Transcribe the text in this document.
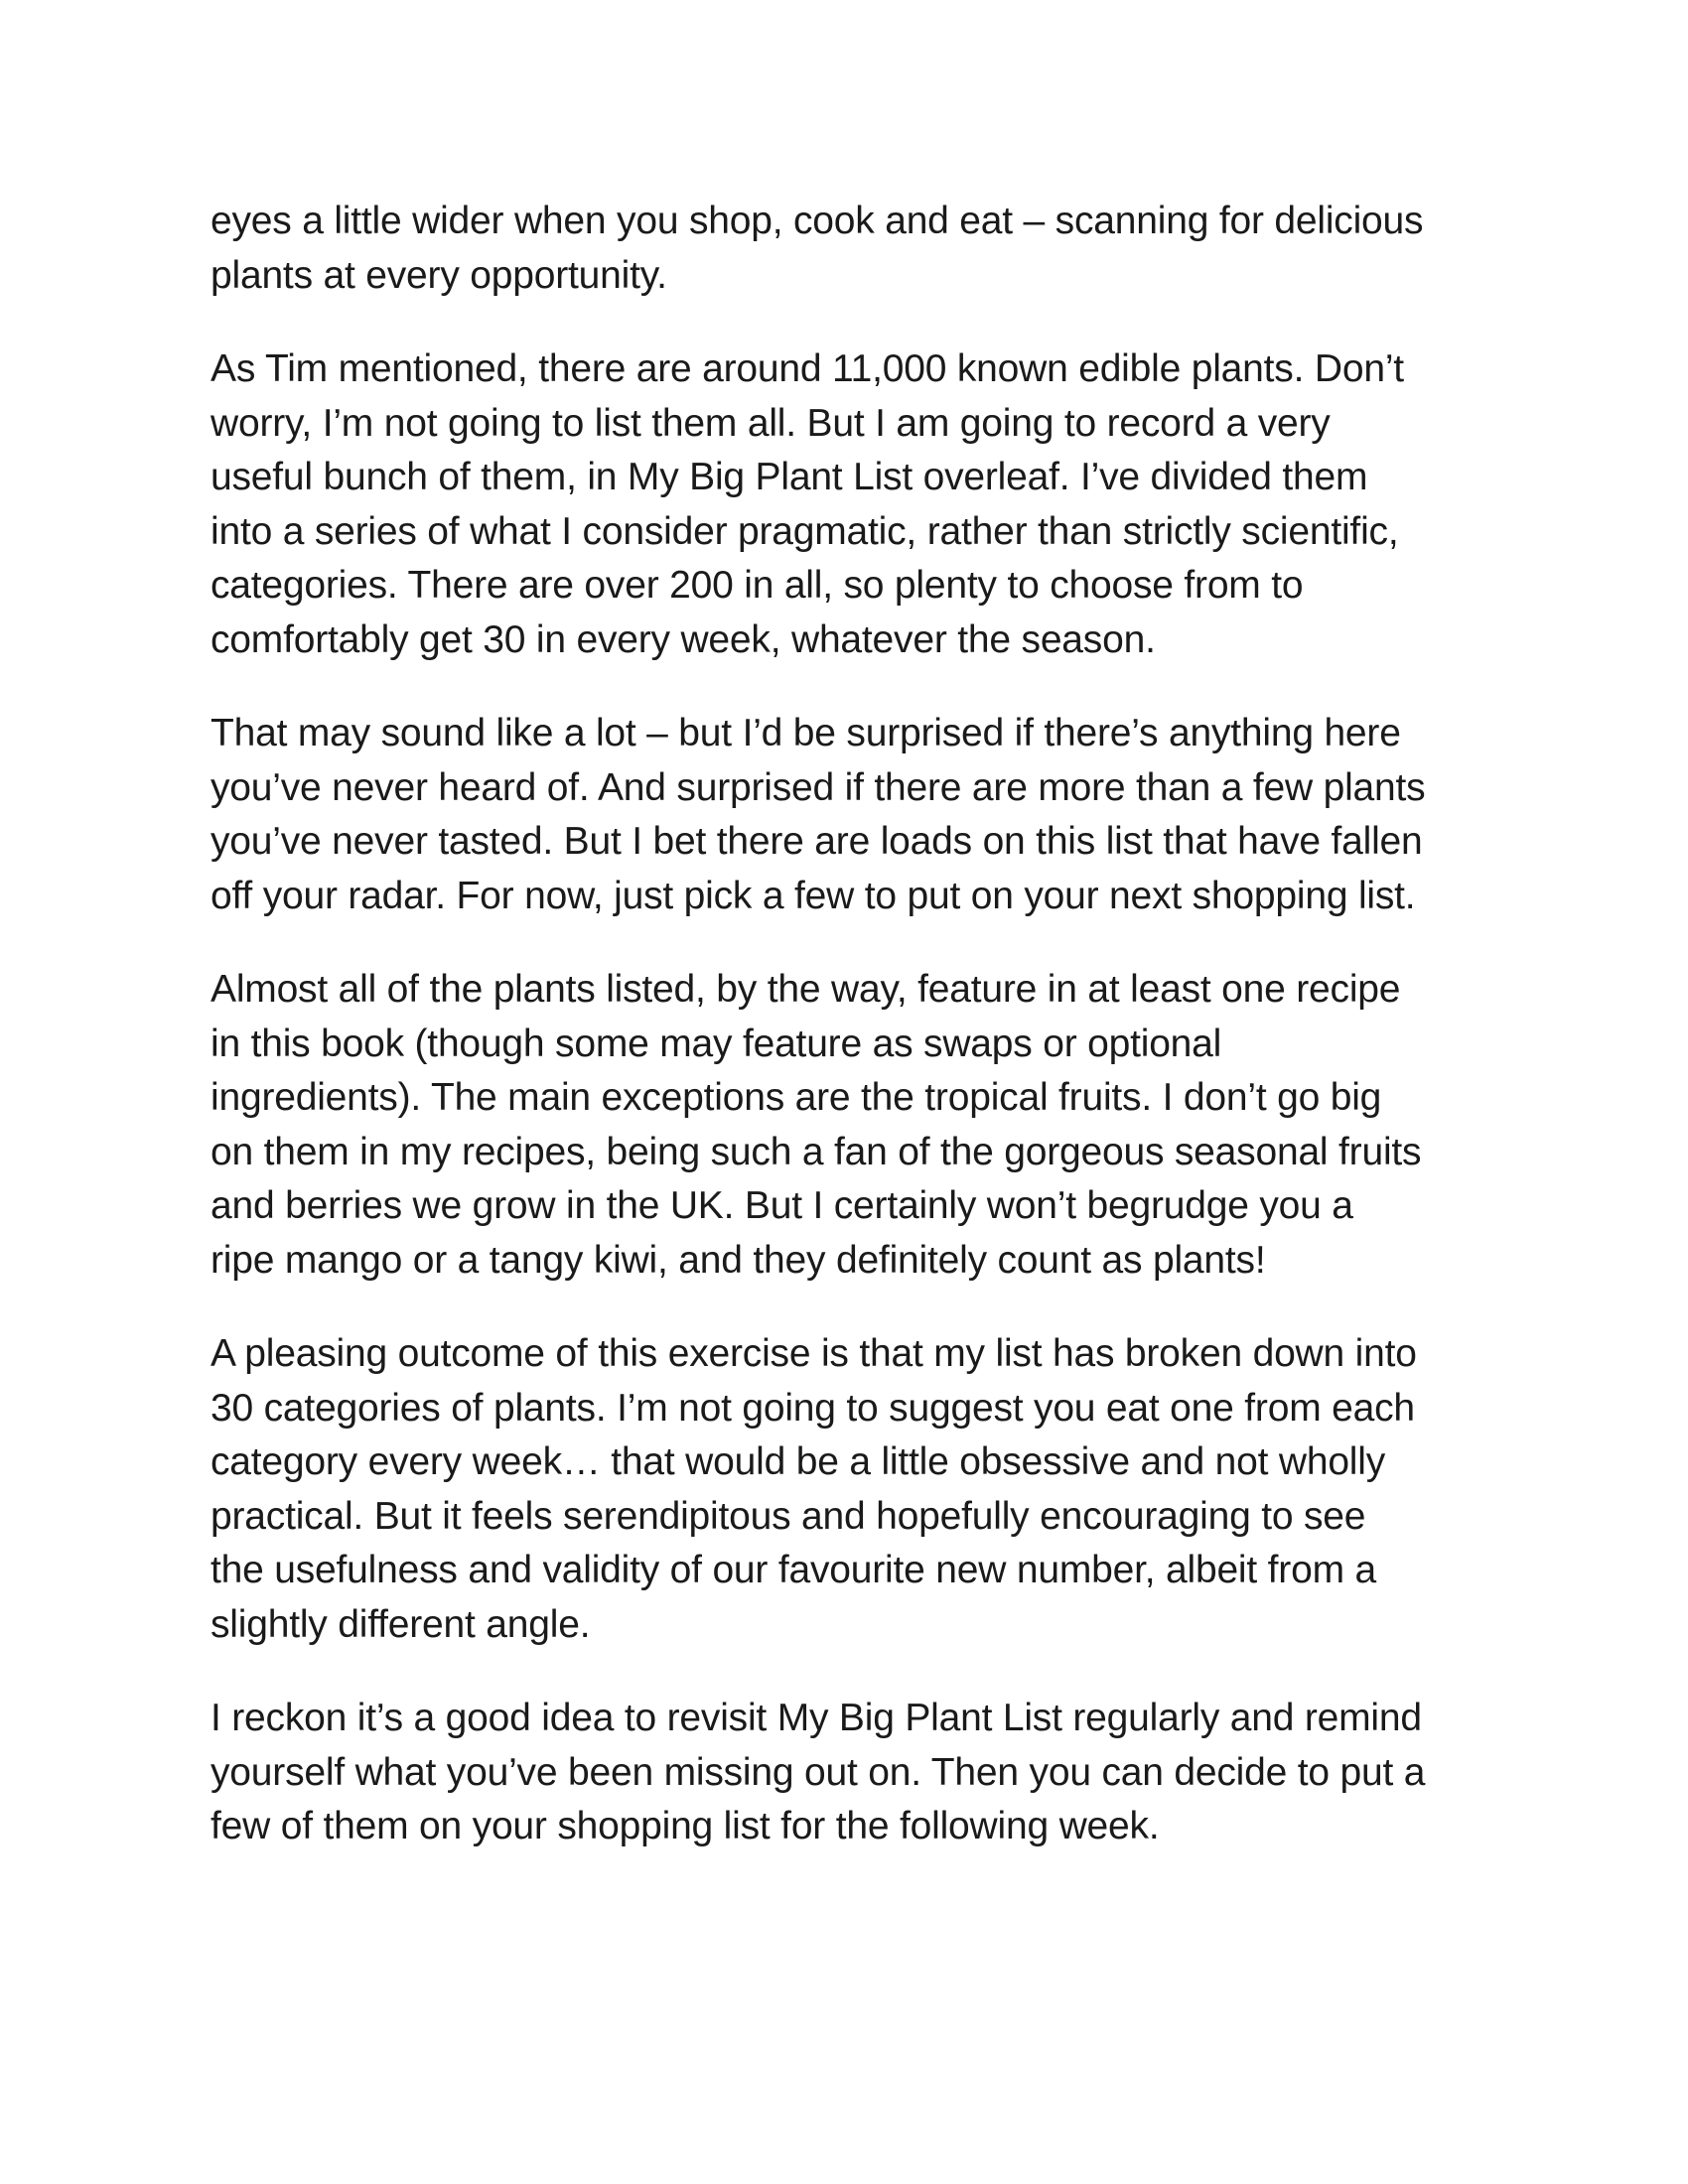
eyes a little wider when you shop, cook and eat – scanning for delicious
plants at every opportunity.

As Tim mentioned, there are around 11,000 known edible plants. Don’t
worry, I’m not going to list them all. But I am going to record a very
useful bunch of them, in My Big Plant List overleaf. I’ve divided them
into a series of what I consider pragmatic, rather than strictly scientific,
categories. There are over 200 in all, so plenty to choose from to
comfortably get 30 in every week, whatever the season.

That may sound like a lot – but I’d be surprised if there’s anything here
you’ve never heard of. And surprised if there are more than a few plants
you’ve never tasted. But I bet there are loads on this list that have fallen
off your radar. For now, just pick a few to put on your next shopping list.

Almost all of the plants listed, by the way, feature in at least one recipe
in this book (though some may feature as swaps or optional
ingredients). The main exceptions are the tropical fruits. I don’t go big
on them in my recipes, being such a fan of the gorgeous seasonal fruits
and berries we grow in the UK. But I certainly won’t begrudge you a
ripe mango or a tangy kiwi, and they definitely count as plants!

A pleasing outcome of this exercise is that my list has broken down into
30 categories of plants. I’m not going to suggest you eat one from each
category every week… that would be a little obsessive and not wholly
practical. But it feels serendipitous and hopefully encouraging to see
the usefulness and validity of our favourite new number, albeit from a
slightly different angle.

I reckon it’s a good idea to revisit My Big Plant List regularly and remind
yourself what you’ve been missing out on. Then you can decide to put a
few of them on your shopping list for the following week.
